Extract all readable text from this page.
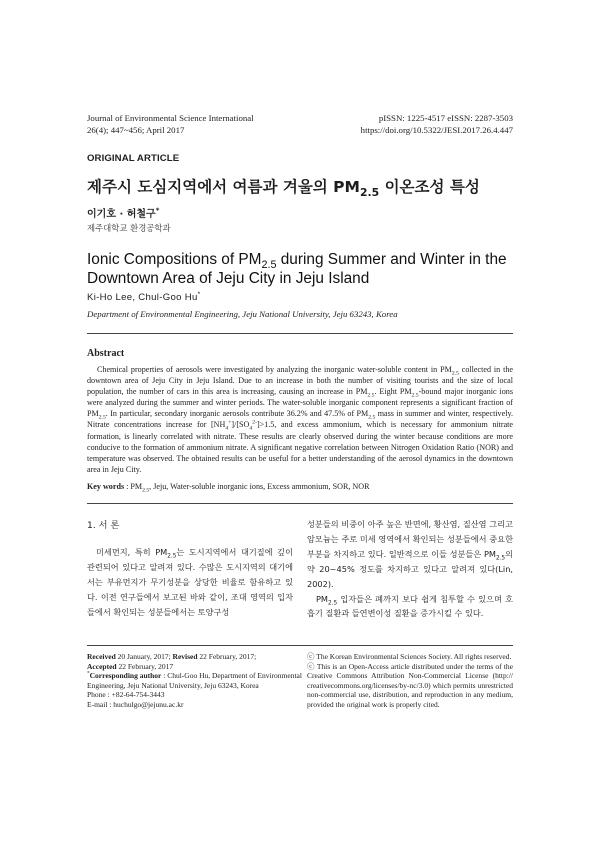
Journal of Environmental Science International
26(4); 447~456; April 2017
pISSN: 1225-4517 eISSN: 2287-3503
https://doi.org/10.5322/JESI.2017.26.4.447
ORIGINAL ARTICLE
제주시 도심지역에서 여름과 겨울의 $PM_{2.5}$ 이온조성 특성
이기호 · 허철구*
제주대학교 환경공학과
Ionic Compositions of $PM_{2.5}$ during Summer and Winter in the Downtown Area of Jeju City in Jeju Island
Ki-Ho Lee, Chul-Goo Hu*
Department of Environmental Engineering, Jeju National University, Jeju 63243, Korea
Abstract

Chemical properties of aerosols were investigated by analyzing the inorganic water-soluble content in $PM_{2.5}$ collected in the downtown area of Jeju City in Jeju Island. Due to an increase in both the number of visiting tourists and the size of local population, the number of cars in this area is increasing, causing an increase in $PM_{2.5}$. Eight $PM_{2.5}$-bound major inorganic ions were analyzed during the summer and winter periods. The water-soluble inorganic component represents a significant fraction of $PM_{2.5}$. In particular, secondary inorganic aerosols contribute 36.2% and 47.5% of $PM_{2.5}$ mass in summer and winter, respectively. Nitrate concentrations increase for $[NH_4^+]/[SO_4^{2-}]>1.5$, and excess ammonium, which is necessary for ammonium nitrate formation, is linearly correlated with nitrate. These results are clearly observed during the winter because conditions are more conducive to the formation of ammonium nitrate. A significant negative correlation between Nitrogen Oxidation Ratio (NOR) and temperature was observed. The obtained results can be useful for a better understanding of the aerosol dynamics in the downtown area in Jeju City.

Key words : $PM_{2.5}$, Jeju, Water-soluble inorganic ions, Excess ammonium, SOR, NOR
1. 서 론

미세먼지, 특히 $PM_{2.5}$는 도시지역에서 대기질에 깊이 관련되어 있다고 알려져 있다. 수많은 도시지역의 대기에서는 부유먼지가 무기성분을 상당한 비율로 함유하고 있다. 이전 연구들에서 보고된 바와 같이, 조대 영역의 입자들에서 확인되는 성분들에서는 토양구성

성분들의 비중이 아주 높은 반면에, 황산염, 질산염 그리고 암모늄는 주로 미세 영역에서 확인되는 성분들에서 중요한 부분을 차지하고 있다. 일반적으로 이들 성분들은 $PM_{2.5}$의 약 20~45% 정도를 차지하고 있다고 알려져 있다(Lin, 2002).

$PM_{2.5}$ 입자들은 폐까지 보다 쉽게 침투할 수 있으며 호흡기 질환과 들연변이성 질환을 증가시킬 수 있다.

Received 20 January, 2017; Revised 22 February, 2017;
Accepted 22 February, 2017
*Corresponding author : Chul-Goo Hu, Department of Environmental Engineering, Jeju National University, Jeju 63243, Korea
Phone : +82-64-754-3443
E-mail : huchulgo@jejunu.ac.kr
ⓒ The Korean Environmental Sciences Society. All rights reserved.
ⓒ This is an Open-Access article distributed under the terms of the Creative Commons Attribution Non-Commercial License (http:// creativecommons.org/licenses/by-nc/3.0) which permits unrestricted non-commercial use, distribution, and reproduction in any medium, provided the original work is properly cited.
